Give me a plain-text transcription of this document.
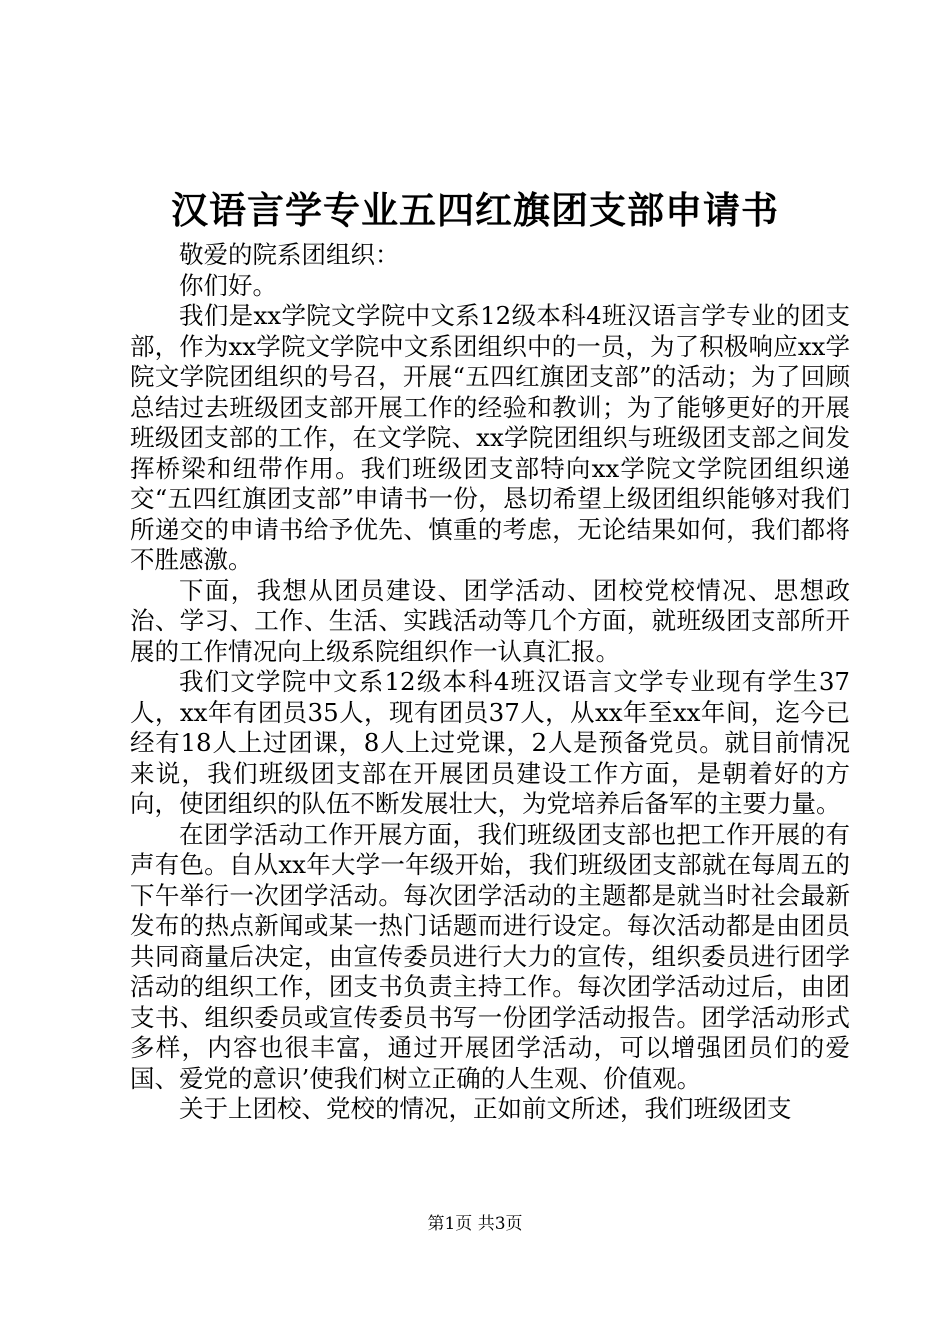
汉语言学专业五四红旗团支部申请书

敬爱的院系团组织：

你们好。

我们是xx学院文学院中文系12级本科4班汉语言学专业的团支部，作为xx学院文学院中文系团组织中的一员，为了积极响应xx学院文学院团组织的号召，开展“五四红旗团支部”的活动；为了回顾总结过去班级团支部开展工作的经验和教训；为了能够更好的开展班级团支部的工作，在文学院、xx学院团组织与班级团支部之间发挥桥梁和纽带作用。我们班级团支部特向xx学院文学院团组织递交“五四红旗团支部”申请书一份，恳切希望上级团组织能够对我们所递交的申请书给予优先、慎重的考虑，无论结果如何，我们都将不胜感激。

下面，我想从团员建设、团学活动、团校党校情况、思想政治、学习、工作、生活、实践活动等几个方面，就班级团支部所开展的工作情况向上级系院组织作一认真汇报。

我们文学院中文系12级本科4班汉语言文学专业现有学生37人，xx年有团员35人，现有团员37人，从xx年至xx年间，迄今已经有18人上过团课，8人上过党课，2人是预备党员。就目前情况来说，我们班级团支部在开展团员建设工作方面，是朝着好的方向，使团组织的队伍不断发展壮大，为党培养后备军的主要力量。

在团学活动工作开展方面，我们班级团支部也把工作开展的有声有色。自从xx年大学一年级开始，我们班级团支部就在每周五的下午举行一次团学活动。每次团学活动的主题都是就当时社会最新发布的热点新闻或某一热门话题而进行设定。每次活动都是由团员共同商量后决定，由宣传委员进行大力的宣传，组织委员进行团学活动的组织工作，团支书负责主持工作。每次团学活动过后，由团支书、组织委员或宣传委员书写一份团学活动报告。团学活动形式多样，内容也很丰富，通过开展团学活动，可以增强团员们的爱国、爱党的意识’使我们树立正确的人生观、价值观。

关于上团校、党校的情况，正如前文所述，我们班级团支

第1页 共3页
